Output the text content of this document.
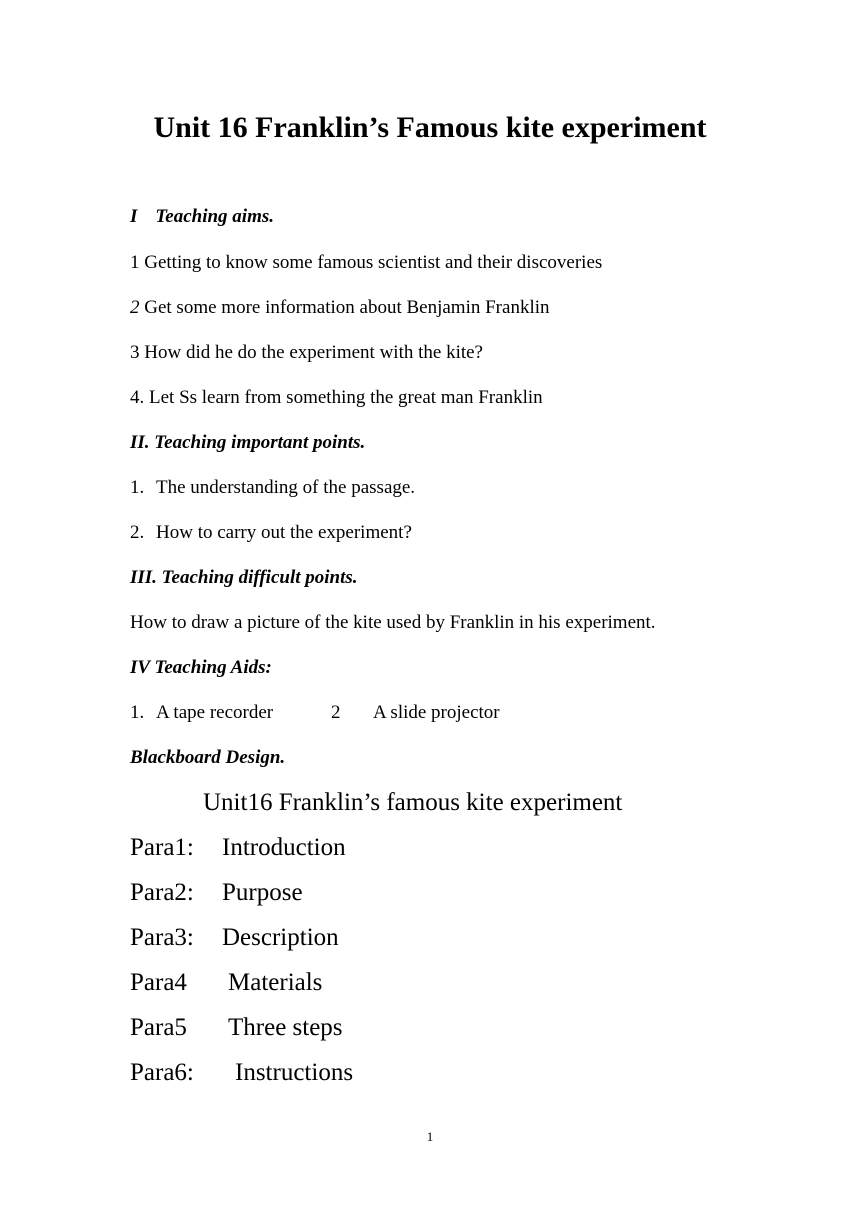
Unit 16 Franklin’s Famous kite experiment
I Teaching aims.
1 Getting to know some famous scientist and their discoveries
2 Get some more information about Benjamin Franklin
3 How did he do the experiment with the kite?
4. Let Ss learn from something the great man Franklin
II. Teaching important points.
1. The understanding of the passage.
2. How to carry out the experiment?
III. Teaching difficult points.
How to draw a picture of the kite used by Franklin in his experiment.
IV Teaching Aids:
1. A tape recorder	2 A slide projector
Blackboard Design.
Unit16 Franklin’s famous kite experiment
Para1: Introduction
Para2: Purpose
Para3: Description
Para4 Materials
Para5 Three steps
Para6: Instructions
1
